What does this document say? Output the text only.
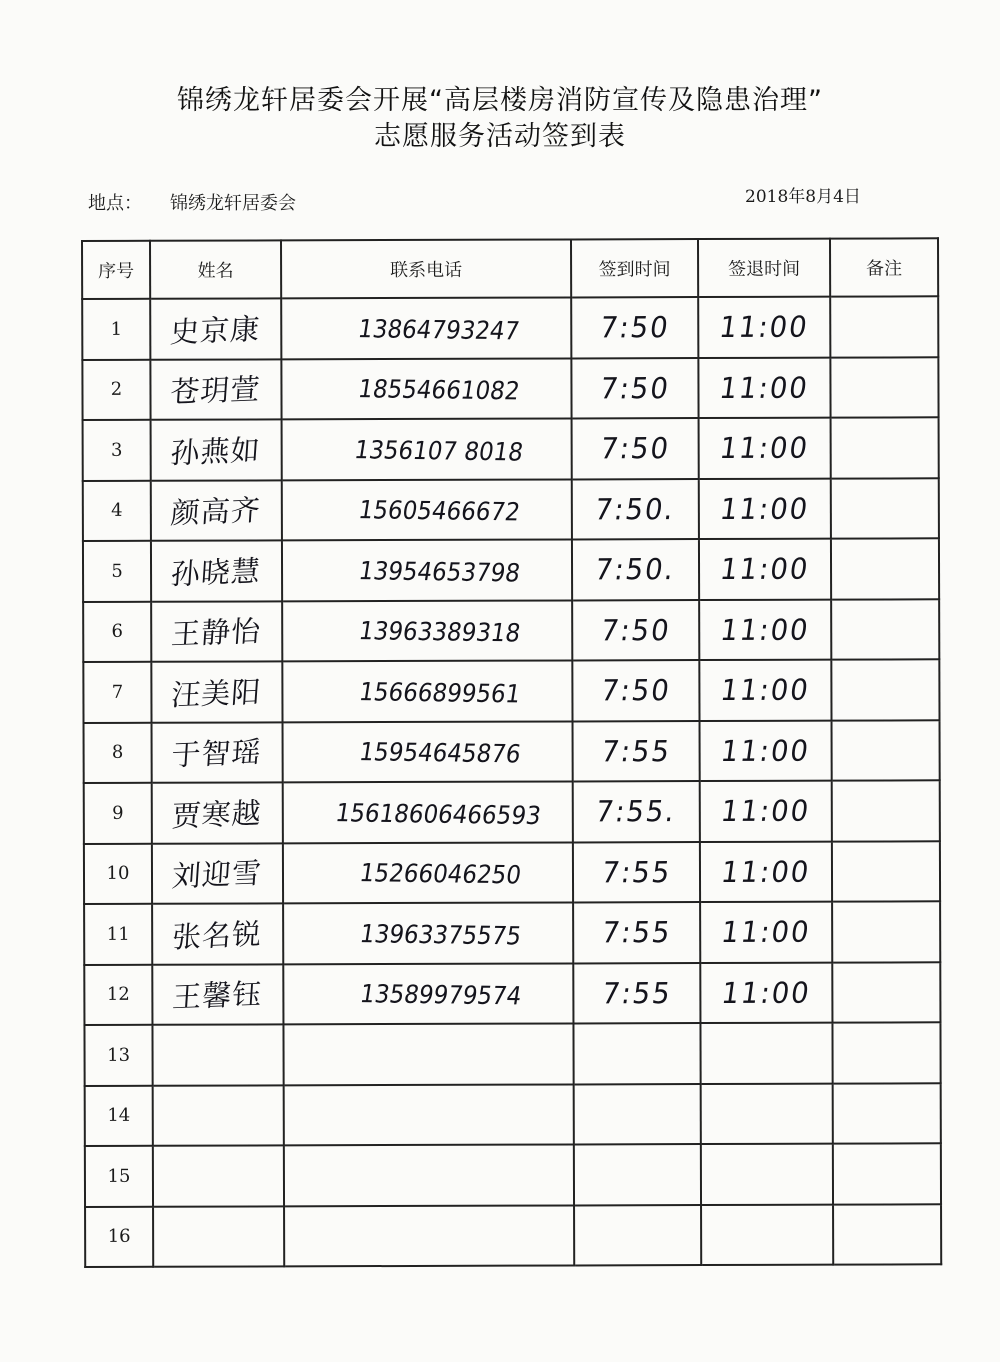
锦绣龙轩居委会开展“高层楼房消防宣传及隐患治理”
志愿服务活动签到表
地点： 锦绣龙轩居委会	2018年8月4日
序号	姓名	联系电话	签到时间	签退时间	备注
1	史京康	13864793247	7:50	11:00	
2	苍玥萱	18554661082	7:50	11:00	
3	孙燕如	1356107 8018	7:50	11:00	
4	颜高齐	15605466672	7:50.	11:00	
5	孙晓慧	13954653798	7:50.	11:00	
6	王静怡	13963389318	7:50	11:00	
7	汪美阳	15666899561	7:50	11:00	
8	于智瑶	15954645876	7:55	11:00	
9	贾寒越	15618606466593	7:55.	11:00	
10	刘迎雪	15266046250	7:55	11:00	
11	张名锐	13963375575	7:55	11:00	
12	王馨钰	13589979574	7:55	11:00	
13					
14					
15					
16					
